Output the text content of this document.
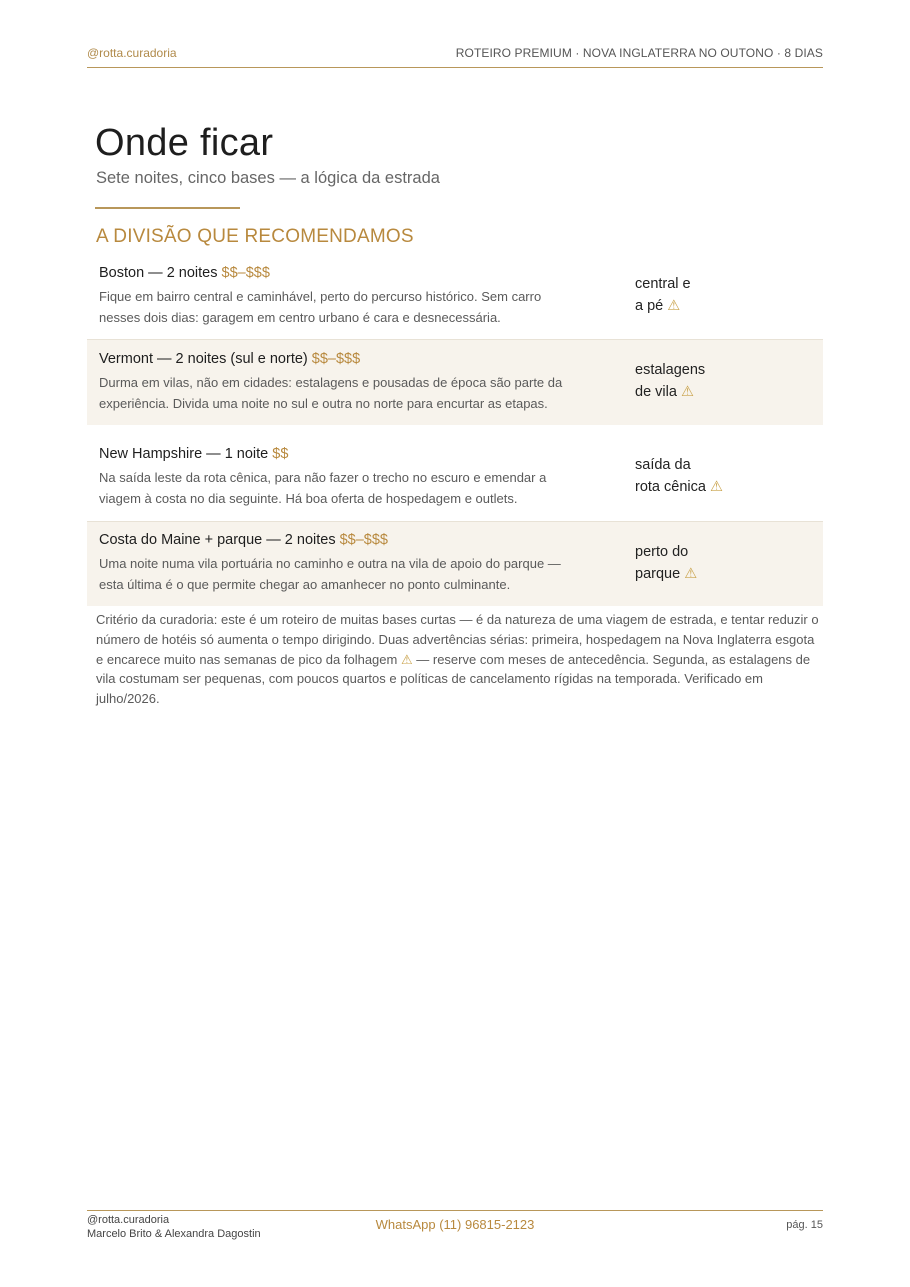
@rotta.curadoria	ROTEIRO PREMIUM · NOVA INGLATERRA NO OUTONO · 8 DIAS
Onde ficar
Sete noites, cinco bases — a lógica da estrada
A DIVISÃO QUE RECOMENDAMOS
Boston — 2 noites $$–$$$
Fique em bairro central e caminhável, perto do percurso histórico. Sem carro
nesses dois dias: garagem em centro urbano é cara e desnecessária.
central e
a pé ⚠
Vermont — 2 noites (sul e norte) $$–$$$
Durma em vilas, não em cidades: estalagens e pousadas de época são parte da
experiência. Divida uma noite no sul e outra no norte para encurtar as etapas.
estalagens
de vila ⚠
New Hampshire — 1 noite $$
Na saída leste da rota cênica, para não fazer o trecho no escuro e emendar a
viagem à costa no dia seguinte. Há boa oferta de hospedagem e outlets.
saída da
rota cênica ⚠
Costa do Maine + parque — 2 noites $$–$$$
Uma noite numa vila portuária no caminho e outra na vila de apoio do parque —
esta última é o que permite chegar ao amanhecer no ponto culminante.
perto do
parque ⚠
Critério da curadoria: este é um roteiro de muitas bases curtas — é da natureza de uma viagem de estrada, e tentar reduzir o número de hotéis só aumenta o tempo dirigindo. Duas advertências sérias: primeira, hospedagem na Nova Inglaterra esgota e encarece muito nas semanas de pico da folhagem ⚠ — reserve com meses de antecedência. Segunda, as estalagens de vila costumam ser pequenas, com poucos quartos e políticas de cancelamento rígidas na temporada. Verificado em julho/2026.
@rotta.curadoria
Marcelo Brito & Alexandra Dagostin
WhatsApp (11) 96815-2123	pág. 15
